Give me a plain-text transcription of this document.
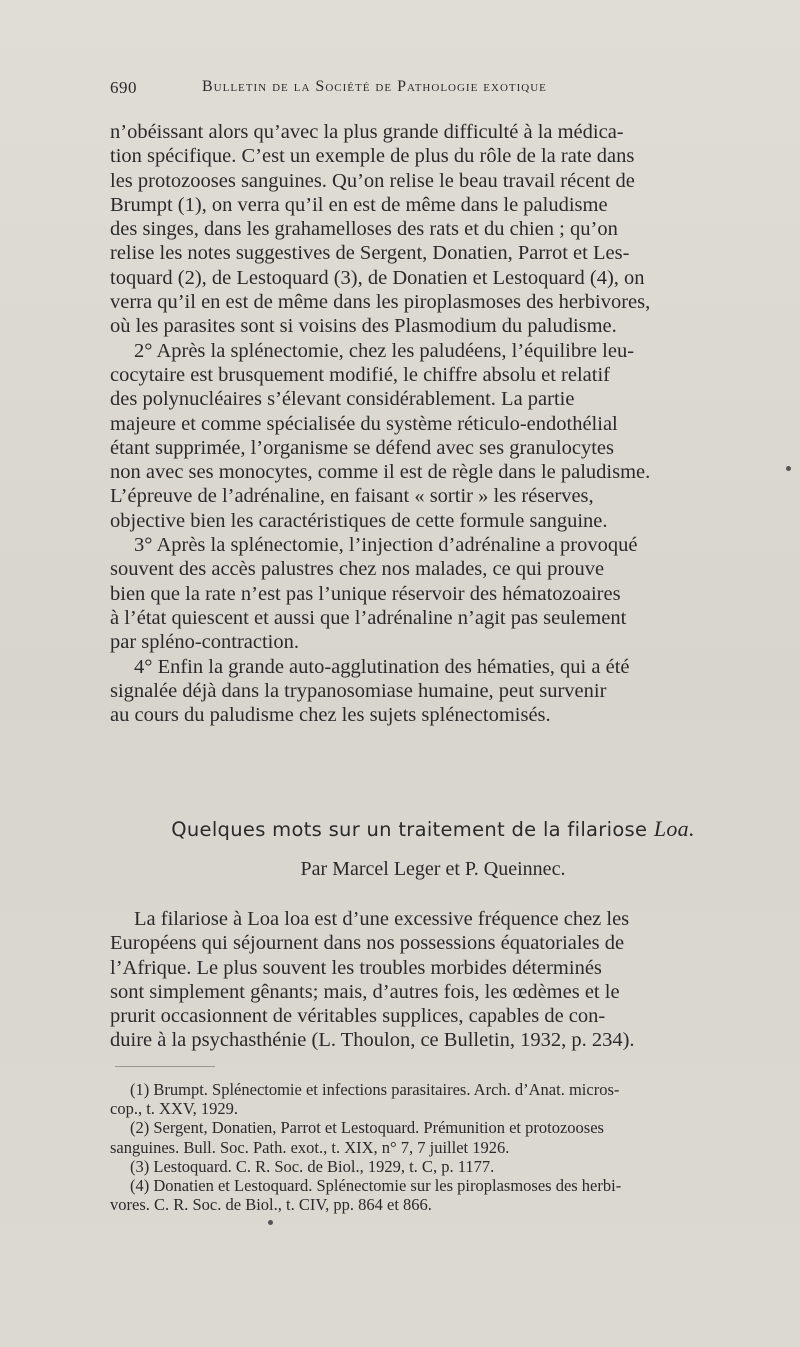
690	Bulletin de la Société de Pathologie exotique

n’obéissant alors qu’avec la plus grande difficulté à la médica-

tion spécifique. C’est un exemple de plus du rôle de la rate dans

les protozooses sanguines. Qu’on relise le beau travail récent de

Brumpt (1), on verra qu’il en est de même dans le paludisme

des singes, dans les grahamelloses des rats et du chien ; qu’on

relise les notes suggestives de Sergent, Donatien, Parrot et Les-

toquard (2), de Lestoquard (3), de Donatien et Lestoquard (4), on

verra qu’il en est de même dans les piroplasmoses des herbivores,

où les parasites sont si voisins des Plasmodium du paludisme.

2° Après la splénectomie, chez les paludéens, l’équilibre leu-

cocytaire est brusquement modifié, le chiffre absolu et relatif

des polynucléaires s’élevant considérablement. La partie

majeure et comme spécialisée du système réticulo-endothélial

étant supprimée, l’organisme se défend avec ses granulocytes

non avec ses monocytes, comme il est de règle dans le paludisme.

L’épreuve de l’adrénaline, en faisant « sortir » les réserves,

objective bien les caractéristiques de cette formule sanguine.

3° Après la splénectomie, l’injection d’adrénaline a provoqué

souvent des accès palustres chez nos malades, ce qui prouve

bien que la rate n’est pas l’unique réservoir des hématozoaires

à l’état quiescent et aussi que l’adrénaline n’agit pas seulement

par spléno-contraction.

4° Enfin la grande auto-agglutination des hématies, qui a été

signalée déjà dans la trypanosomiase humaine, peut survenir

au cours du paludisme chez les sujets splénectomisés.

Quelques mots sur un traitement de la filariose Loa.
Par Marcel Leger et P. Queinnec.

La filariose à Loa loa est d’une excessive fréquence chez les

Européens qui séjournent dans nos possessions équatoriales de

l’Afrique. Le plus souvent les troubles morbides déterminés

sont simplement gênants; mais, d’autres fois, les œdèmes et le

prurit occasionnent de véritables supplices, capables de con-

duire à la psychasthénie (L. Thoulon, ce Bulletin, 1932, p. 234).

(1) Brumpt. Splénectomie et infections parasitaires. Arch. d’Anat. micros-

cop., t. XXV, 1929.

(2) Sergent, Donatien, Parrot et Lestoquard. Prémunition et protozooses

sanguines. Bull. Soc. Path. exot., t. XIX, n° 7, 7 juillet 1926.

(3) Lestoquard. C. R. Soc. de Biol., 1929, t. C, p. 1177.

(4) Donatien et Lestoquard. Splénectomie sur les piroplasmoses des herbi-

vores. C. R. Soc. de Biol., t. CIV, pp. 864 et 866.
